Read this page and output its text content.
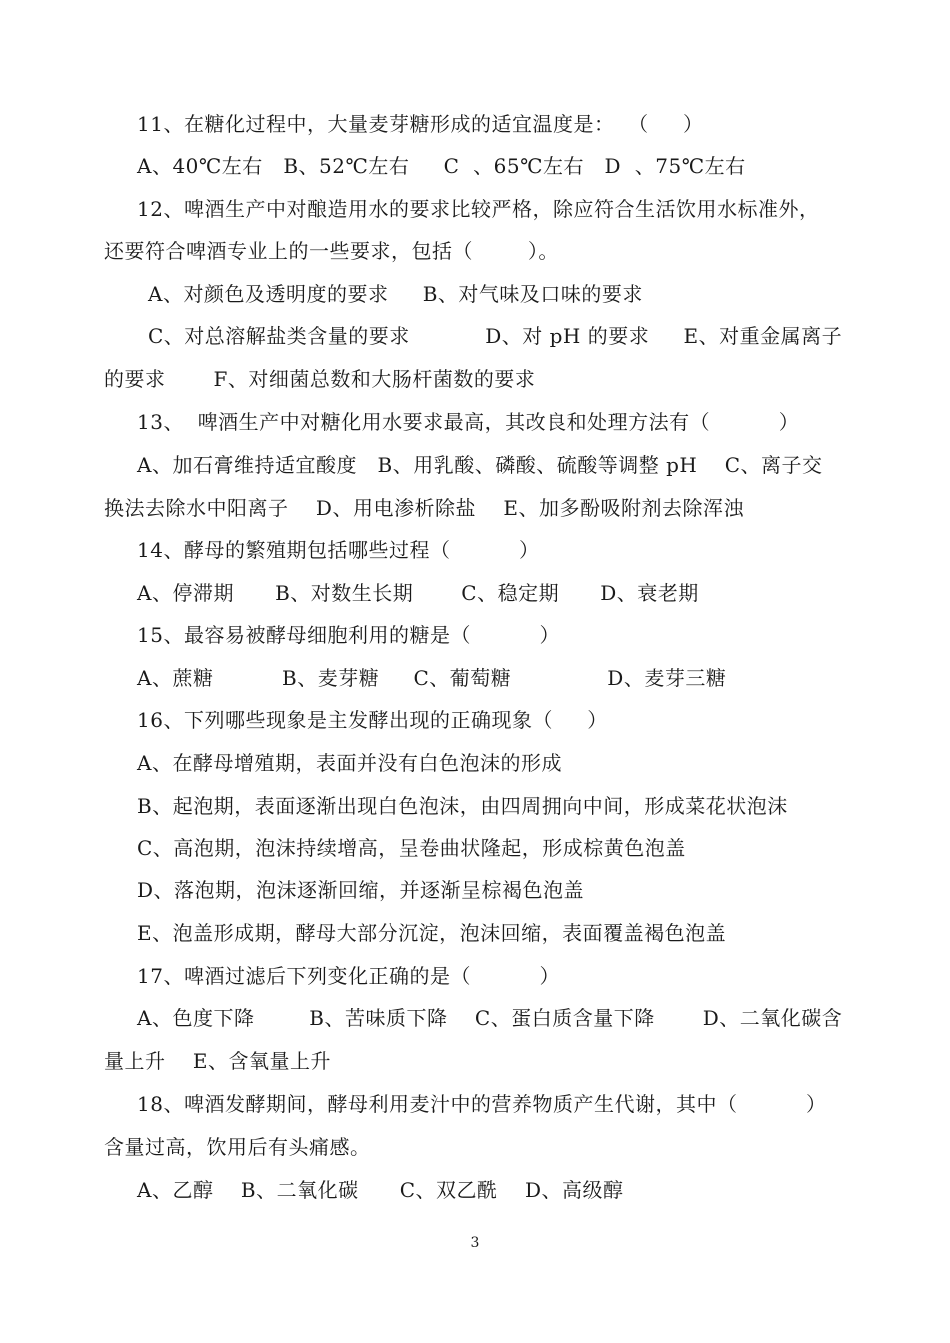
11、在糖化过程中，大量麦芽糖形成的适宜温度是：  （     ）
A、40℃左右   B、52℃左右     C  、65℃左右   D  、75℃左右
12、啤酒生产中对酿造用水的要求比较严格，除应符合生活饮用水标准外，
还要符合啤酒专业上的一些要求，包括（        ）。
A、对颜色及透明度的要求     B、对气味及口味的要求
C、对总溶解盐类含量的要求           D、对 pH 的要求     E、对重金属离子
的要求       F、对细菌总数和大肠杆菌数的要求
13、  啤酒生产中对糖化用水要求最高，其改良和处理方法有（          ）
A、加石膏维持适宜酸度   B、用乳酸、磷酸、硫酸等调整 pH    C、离子交
换法去除水中阳离子    D、用电渗析除盐    E、加多酚吸附剂去除浑浊
14、酵母的繁殖期包括哪些过程（          ）
A、停滞期      B、对数生长期       C、稳定期      D、衰老期
15、最容易被酵母细胞利用的糖是（          ）
A、蔗糖          B、麦芽糖     C、葡萄糖              D、麦芽三糖
16、下列哪些现象是主发酵出现的正确现象（     ）
A、在酵母增殖期，表面并没有白色泡沫的形成
B、起泡期，表面逐渐出现白色泡沫，由四周拥向中间，形成菜花状泡沫
C、高泡期，泡沫持续增高，呈卷曲状隆起，形成棕黄色泡盖
D、落泡期，泡沫逐渐回缩，并逐渐呈棕褐色泡盖
E、泡盖形成期，酵母大部分沉淀，泡沫回缩，表面覆盖褐色泡盖
17、啤酒过滤后下列变化正确的是（          ）
A、色度下降        B、苦味质下降    C、蛋白质含量下降       D、二氧化碳含
量上升    E、含氧量上升
18、啤酒发酵期间，酵母利用麦汁中的营养物质产生代谢，其中（          ）
含量过高，饮用后有头痛感。
A、乙醇    B、二氧化碳      C、双乙酰    D、高级醇
3
